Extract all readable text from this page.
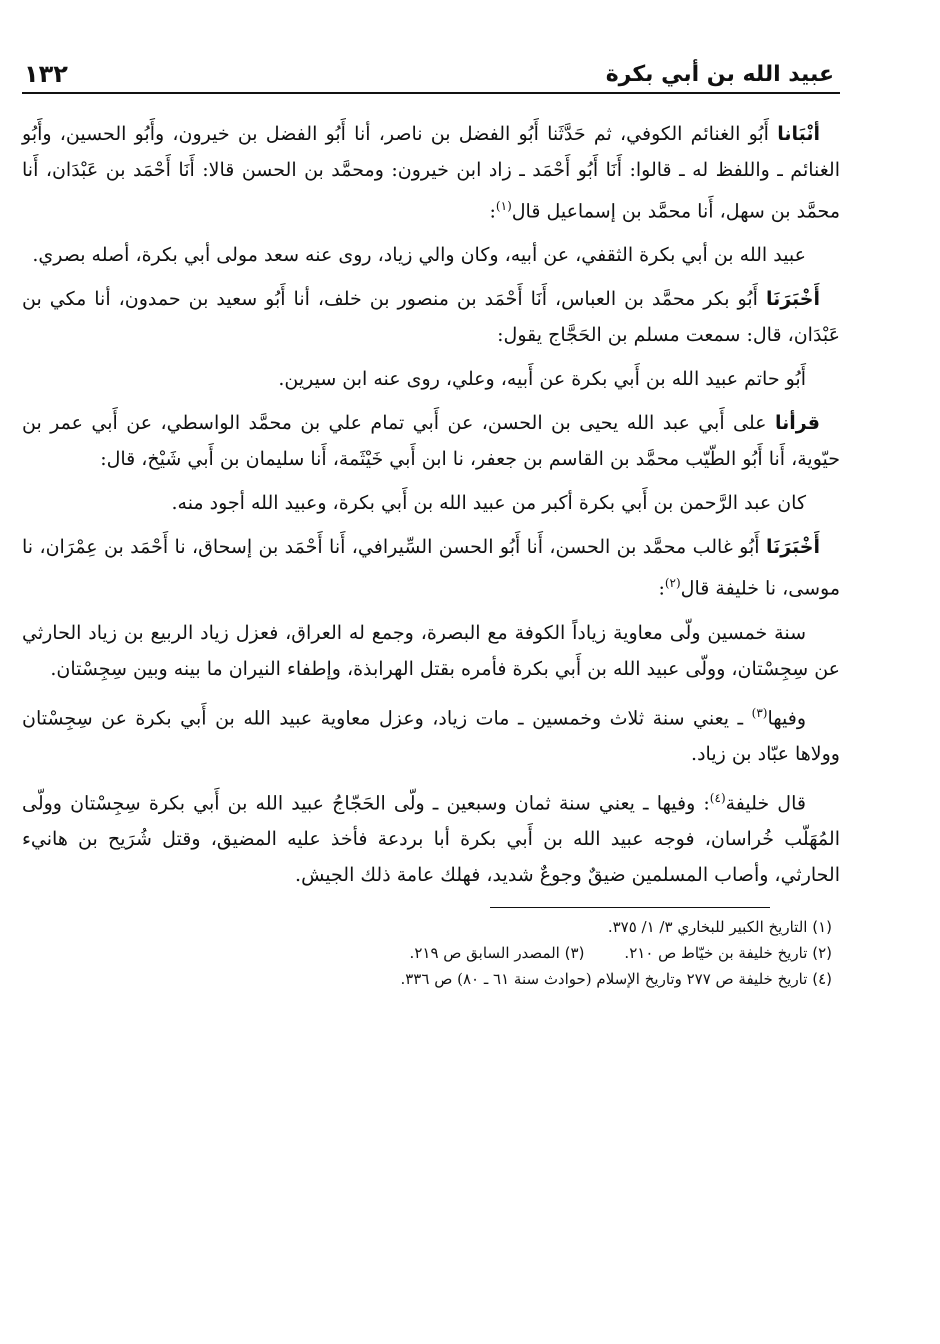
عبيد الله بن أبي بكرة
١٣٢

أنْبَانا أَبُو الغنائم الكوفي، ثم حَدَّثَنا أَبُو الفضل بن ناصر، أنا أَبُو الفضل بن خيرون، وأَبُو الحسين، وأَبُو الغنائم ـ واللفظ له ـ قالوا: أَنَا أَبُو أَحْمَد ـ زاد ابن خيرون: ومحمَّد بن الحسن قالا: أَنَا أَحْمَد بن عَبْدَان، أَنا محمَّد بن سهل، أَنا محمَّد بن إسماعيل قال$^{(١)}$:

عبيد الله بن أبي بكرة الثقفي، عن أبيه، وكان والي زياد، روى عنه سعد مولى أبي بكرة، أصله بصري.

أَخْبَرَنَا أَبُو بكر محمَّد بن العباس، أَنَا أَحْمَد بن منصور بن خلف، أنا أَبُو سعيد بن حمدون، أنا مكي بن عَبْدَان، قال: سمعت مسلم بن الحَجَّاج يقول:

أَبُو حاتم عبيد الله بن أَبي بكرة عن أَبيه، وعلي، روى عنه ابن سيرين.

قرأنا على أَبي عبد الله يحيى بن الحسن، عن أَبي تمام علي بن محمَّد الواسطي، عن أَبي عمر بن حيّوية، أَنا أَبُو الطّيّب محمَّد بن القاسم بن جعفر، نا ابن أَبي خَيْثَمة، أَنا سليمان بن أَبي شَيْخ، قال:

كان عبد الرَّحمن بن أَبي بكرة أكبر من عبيد الله بن أَبي بكرة، وعبيد الله أجود منه.

أَخْبَرَنَا أَبُو غالب محمَّد بن الحسن، أَنا أَبُو الحسن السِّيرافي، أَنا أَحْمَد بن إسحاق، نا أَحْمَد بن عِمْرَان، نا موسى، نا خليفة قال$^{(٢)}$:

سنة خمسين ولّى معاوية زياداً الكوفة مع البصرة، وجمع له العراق، فعزل زياد الربيع بن زياد الحارثي عن سِجِسْتان، وولّى عبيد الله بن أَبي بكرة فأمره بقتل الهرابذة، وإطفاء النيران ما بينه وبين سِجِسْتان.

وفيها$^{(٣)}$ ـ يعني سنة ثلاث وخمسين ـ مات زياد، وعزل معاوية عبيد الله بن أَبي بكرة عن سِجِسْتان وولاها عبّاد بن زياد.

قال خليفة$^{(٤)}$: وفيها ـ يعني سنة ثمان وسبعين ـ ولّى الحَجّاجُ عبيد الله بن أَبي بكرة سِجِسْتان وولّى المُهَلّب خُراسان، فوجه عبيد الله بن أَبي بكرة أبا بردعة فأخذ عليه المضيق، وقتل شُرَيح بن هانيء الحارثي، وأصاب المسلمين ضيقٌ وجوعٌ شديد، فهلك عامة ذلك الجيش.

(١) التاريخ الكبير للبخاري ٣/ ١/ ٣٧٥.
(٢) تاريخ خليفة بن خيّاط ص ٢١٠.
(٣) المصدر السابق ص ٢١٩.
(٤) تاريخ خليفة ص ٢٧٧ وتاريخ الإسلام (حوادث سنة ٦١ ـ ٨٠) ص ٣٣٦.
